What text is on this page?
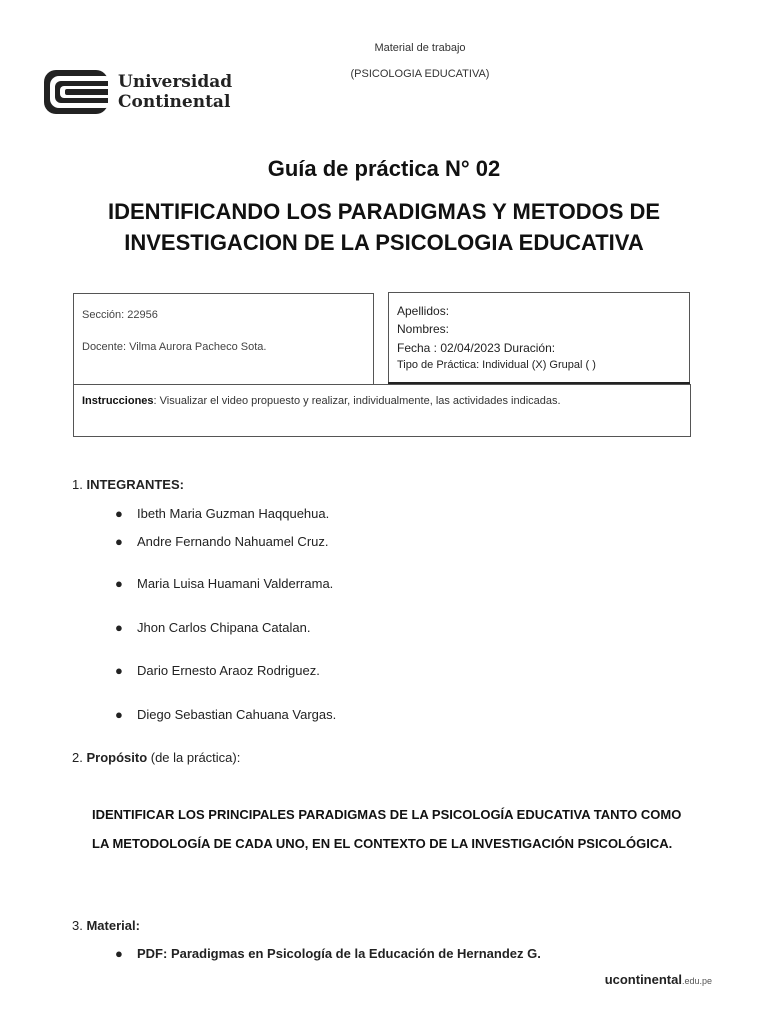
Material de trabajo
(PSICOLOGIA EDUCATIVA)
Universidad
Continental
Guía de práctica N° 02
IDENTIFICANDO LOS PARADIGMAS Y METODOS DE INVESTIGACION DE LA PSICOLOGIA EDUCATIVA
Sección: 22956
Docente: Vilma Aurora Pacheco Sota.
Apellidos:
Nombres:
Fecha : 02/04/2023 Duración:
Tipo de Práctica: Individual (X) Grupal ( )
Instrucciones: Visualizar el video propuesto y realizar, individualmente, las actividades indicadas.
1. INTEGRANTES:
● Ibeth Maria Guzman Haqquehua.
● Andre Fernando Nahuamel Cruz.
● Maria Luisa Huamani Valderrama.
● Jhon Carlos Chipana Catalan.
● Dario Ernesto Araoz Rodriguez.
● Diego Sebastian Cahuana Vargas.
2. Propósito (de la práctica):
IDENTIFICAR LOS PRINCIPALES PARADIGMAS DE LA PSICOLOGÍA EDUCATIVA TANTO COMO LA METODOLOGÍA DE CADA UNO, EN EL CONTEXTO DE LA INVESTIGACIÓN PSICOLÓGICA.
3. Material:
● PDF: Paradigmas en Psicología de la Educación de Hernandez G.
ucontinental.edu.pe
